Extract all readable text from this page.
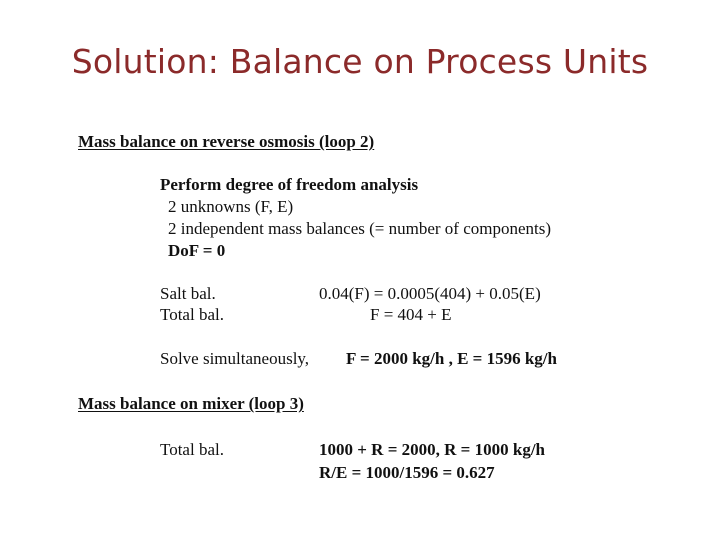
Solution: Balance on Process Units
Mass balance on reverse osmosis (loop 2)
Perform degree of freedom analysis
2 unknowns (F, E)
2 independent mass balances (= number of components)
DoF = 0
Salt bal.	0.04(F) = 0.0005(404) + 0.05(E)
Total bal.	F = 404 + E
Solve simultaneously, F = 2000 kg/h , E = 1596 kg/h
Mass balance on mixer (loop 3)
Total bal.	1000 + R = 2000, R = 1000 kg/h
R/E = 1000/1596 = 0.627
